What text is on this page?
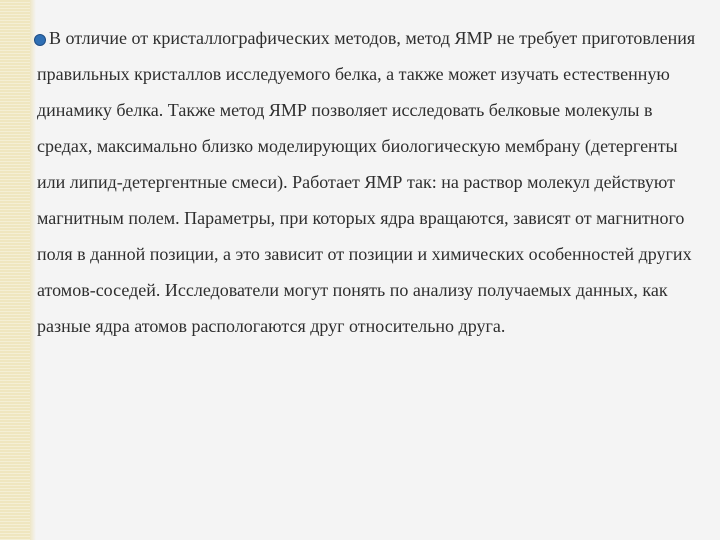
В отличие от кристаллографических методов, метод ЯМР не требует приготовления правильных кристаллов исследуемого белка, а также может изучать естественную динамику белка. Также метод ЯМР позволяет исследовать белковые молекулы в средах, максимально близко моделирующих биологическую мембрану (детергенты или липид-детергентные смеси). Работает ЯМР так: на раствор молекул действуют магнитным полем. Параметры, при которых ядра вращаются, зависят от магнитного поля в данной позиции, а это зависит от позиции и химических особенностей других атомов-соседей. Исследователи могут понять по анализу получаемых данных, как разные ядра атомов распологаются друг относительно друга.
